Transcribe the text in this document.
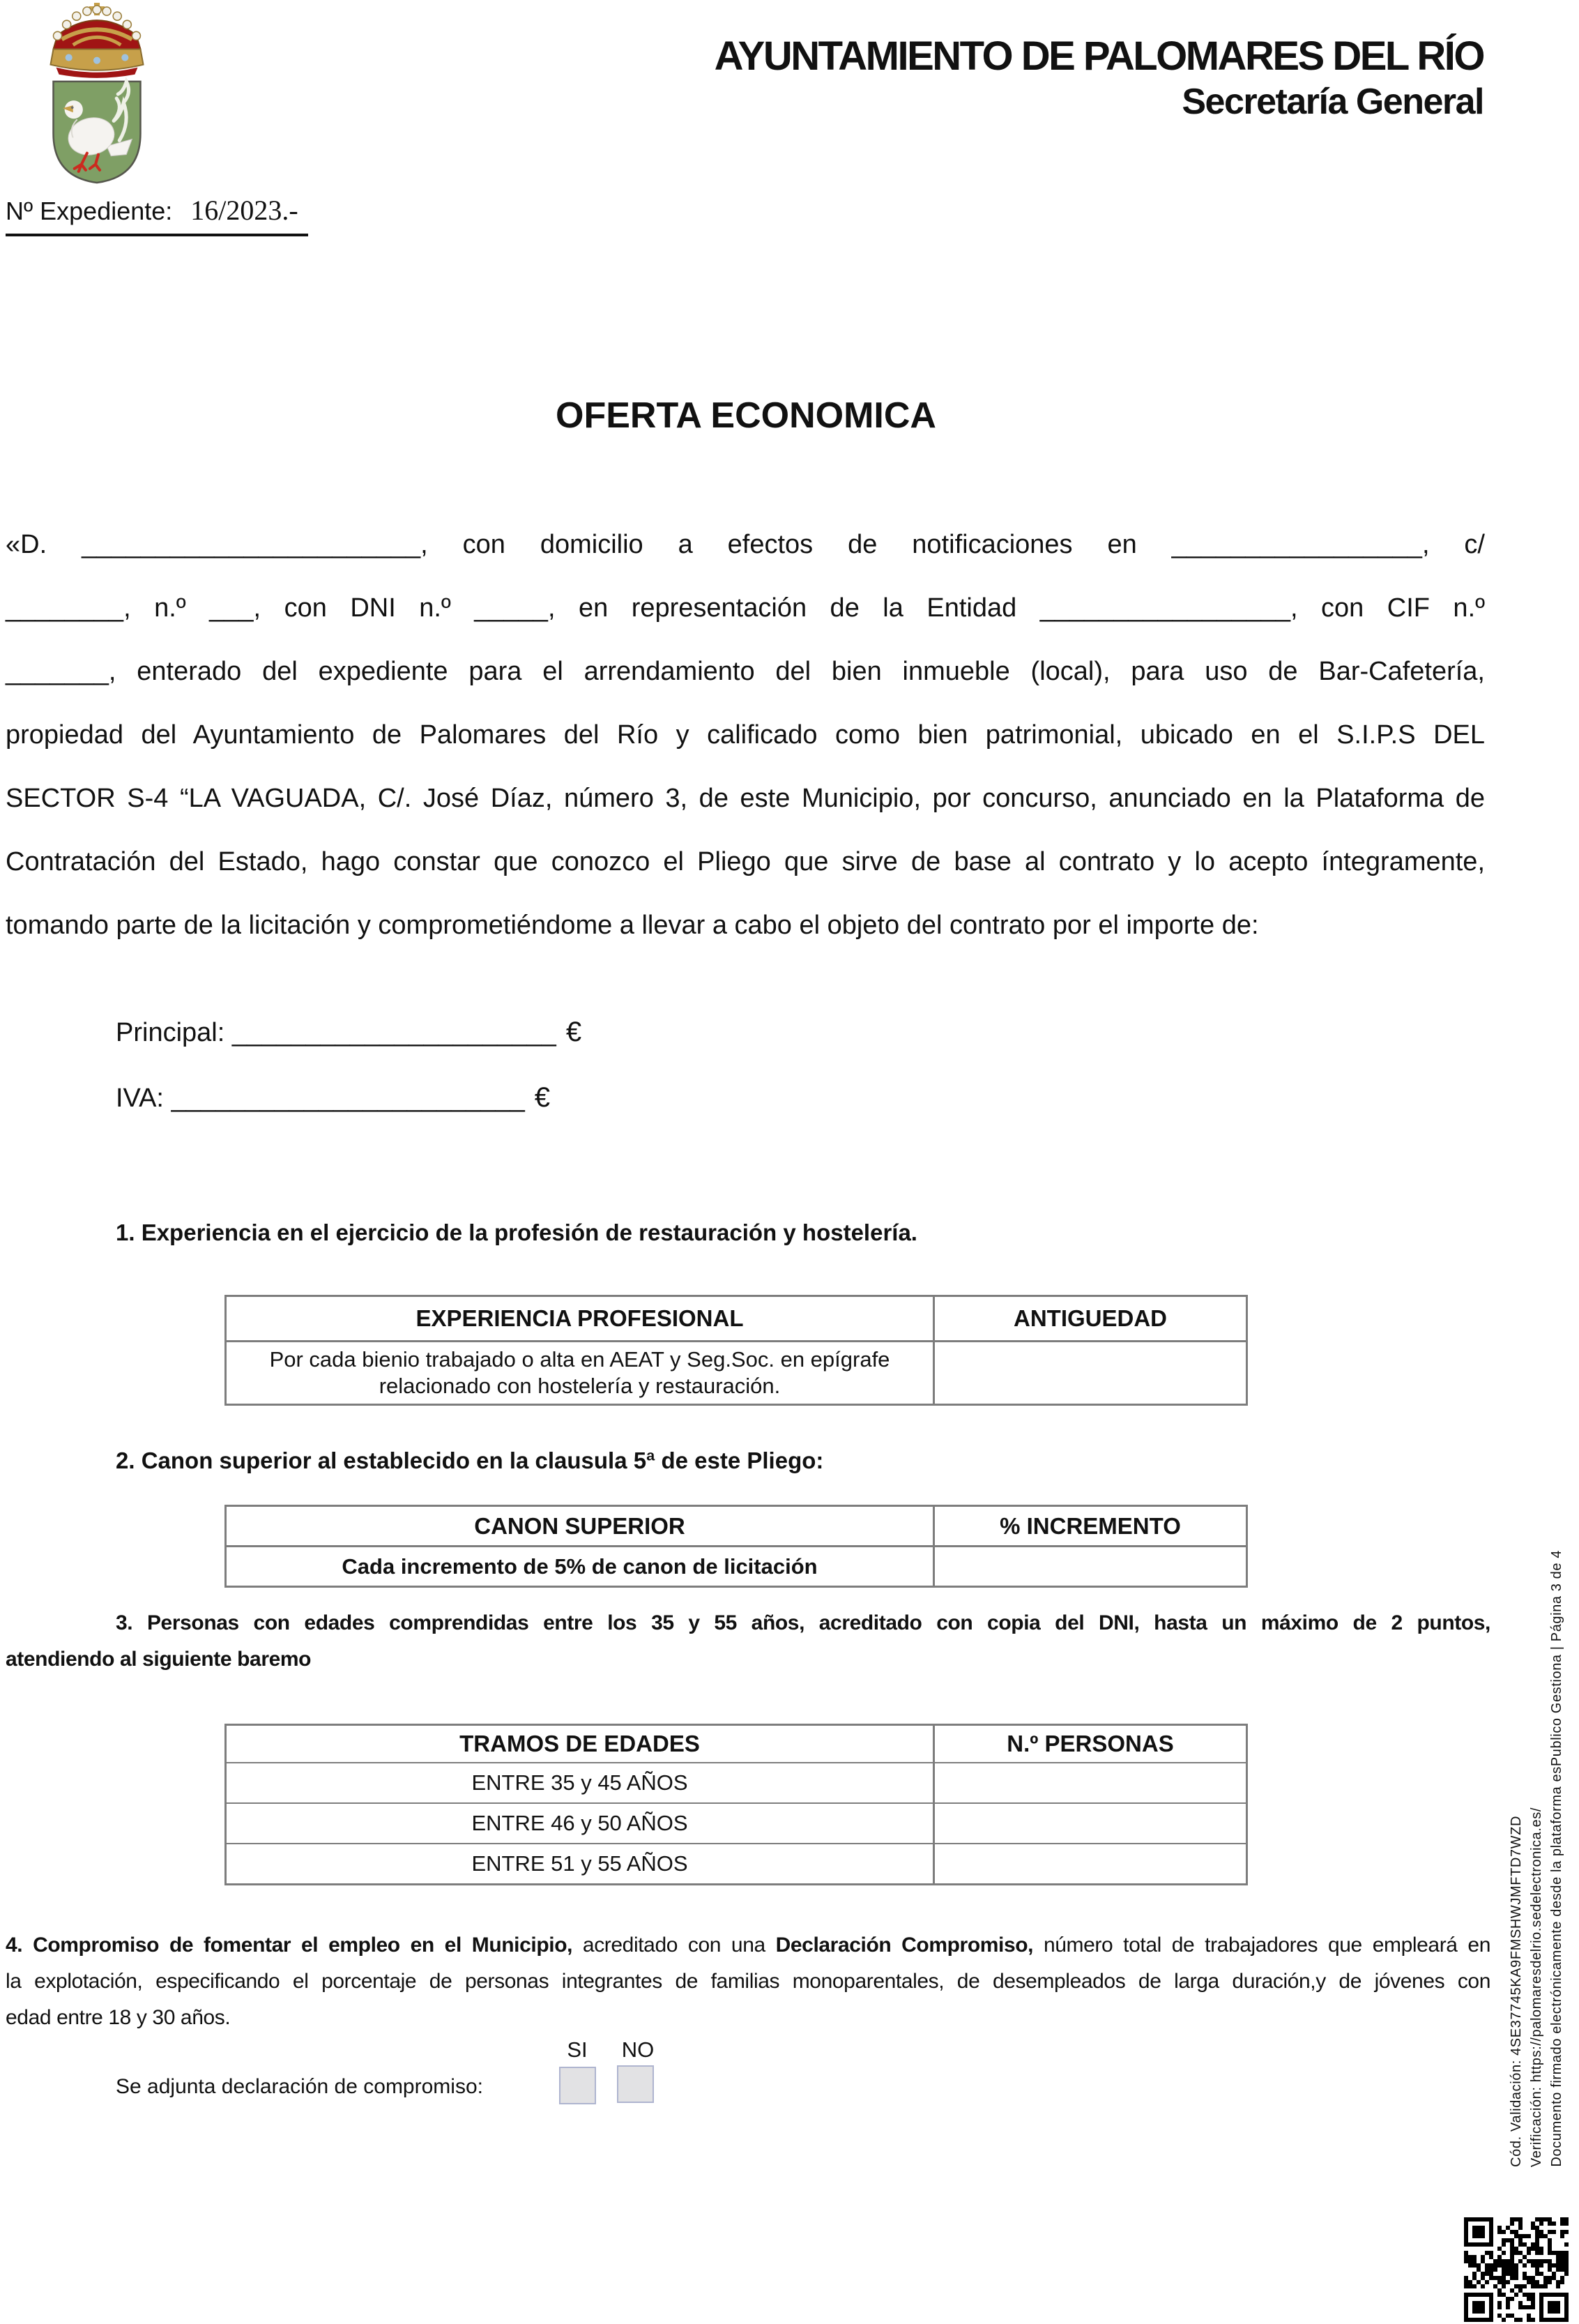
AYUNTAMIENTO DE PALOMARES DEL RÍO
Secretaría General
Nº Expediente: 16/2023.-
OFERTA ECONOMICA
«D. _______________________, con domicilio a efectos de notificaciones en _________________, c/
________, n.º ___, con DNI n.º _____, en representación de la Entidad _________________, con CIF n.º
_______, enterado del expediente para el arrendamiento del bien inmueble (local), para uso de Bar-Cafetería,
propiedad del Ayuntamiento de Palomares del Río y calificado como bien patrimonial, ubicado en el S.I.P.S DEL
SECTOR S-4 “LA VAGUADA, C/. José Díaz, número 3, de este Municipio, por concurso, anunciado en la Plataforma de
Contratación del Estado, hago constar que conozco el Pliego que sirve de base al contrato y lo acepto íntegramente,
tomando parte de la licitación y comprometiéndome a llevar a cabo el objeto del contrato por el importe de:
Principal: ______________________ €
IVA: ________________________ €
1. Experiencia en el ejercicio de la profesión de restauración y hostelería.
EXPERIENCIA PROFESIONAL	ANTIGUEDAD
Por cada bienio trabajado o alta en AEAT y Seg.Soc. en epígrafe relacionado con hostelería y restauración.
2. Canon superior al establecido en la clausula 5ª de este Pliego:
CANON SUPERIOR	% INCREMENTO
Cada incremento de 5% de canon de licitación
3. Personas con edades comprendidas entre los 35 y 55 años, acreditado con copia del DNI, hasta un máximo de 2 puntos,
atendiendo al siguiente baremo
TRAMOS DE EDADES	N.º PERSONAS
ENTRE 35 y 45 AÑOS
ENTRE 46 y 50 AÑOS
ENTRE 51 y 55 AÑOS
4. Compromiso de fomentar el empleo en el Municipio, acreditado con una Declaración Compromiso, número total de trabajadores que empleará en
la explotación, especificando el porcentaje de personas integrantes de familias monoparentales, de desempleados de larga duración,y de jóvenes con
edad entre 18 y 30 años.
SI	NO
Se adjunta declaración de compromiso:	Cód. Validación: 4SE37745KA9FMSHWJMFTD7WZD Verificación: https://palomaresdelrio.sedelectronica.es/ Documento firmado electrónicamente desde la plataforma esPublico Gestiona | Página 3 de 4
